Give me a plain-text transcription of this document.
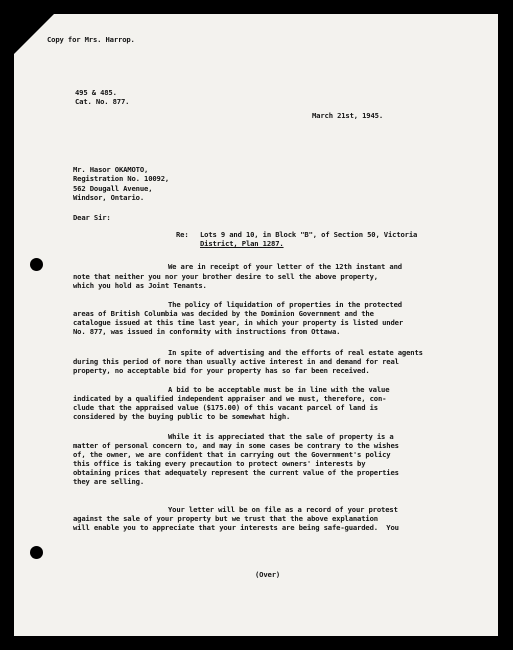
Copy for Mrs. Harrop.
495 & 485.
Cat. No. 877.
March 21st, 1945.
Mr. Hasor OKAMOTO,
Registration No. 10092,
562 Dougall Avenue,
Windsor, Ontario.
Dear Sir:
Re: Lots 9 and 10, in Block "B", of Section 50, Victoria
District, Plan 1287.
We are in receipt of your letter of the 12th instant and
note that neither you nor your brother desire to sell the above property,
which you hold as Joint Tenants.
The policy of liquidation of properties in the protected
areas of British Columbia was decided by the Dominion Government and the
catalogue issued at this time last year, in which your property is listed under
No. 877, was issued in conformity with instructions from Ottawa.
In spite of advertising and the efforts of real estate agents
during this period of more than usually active interest in and demand for real
property, no acceptable bid for your property has so far been received.
A bid to be acceptable must be in line with the value
indicated by a qualified independent appraiser and we must, therefore, con-
clude that the appraised value ($175.00) of this vacant parcel of land is
considered by the buying public to be somewhat high.
While it is appreciated that the sale of property is a
matter of personal concern to, and may in some cases be contrary to the wishes
of, the owner, we are confident that in carrying out the Government's policy
this office is taking every precaution to protect owners' interests by
obtaining prices that adequately represent the current value of the properties
they are selling.
Your letter will be on file as a record of your protest
against the sale of your property but we trust that the above explanation
will enable you to appreciate that your interests are being safe-guarded.  You
(Over)
